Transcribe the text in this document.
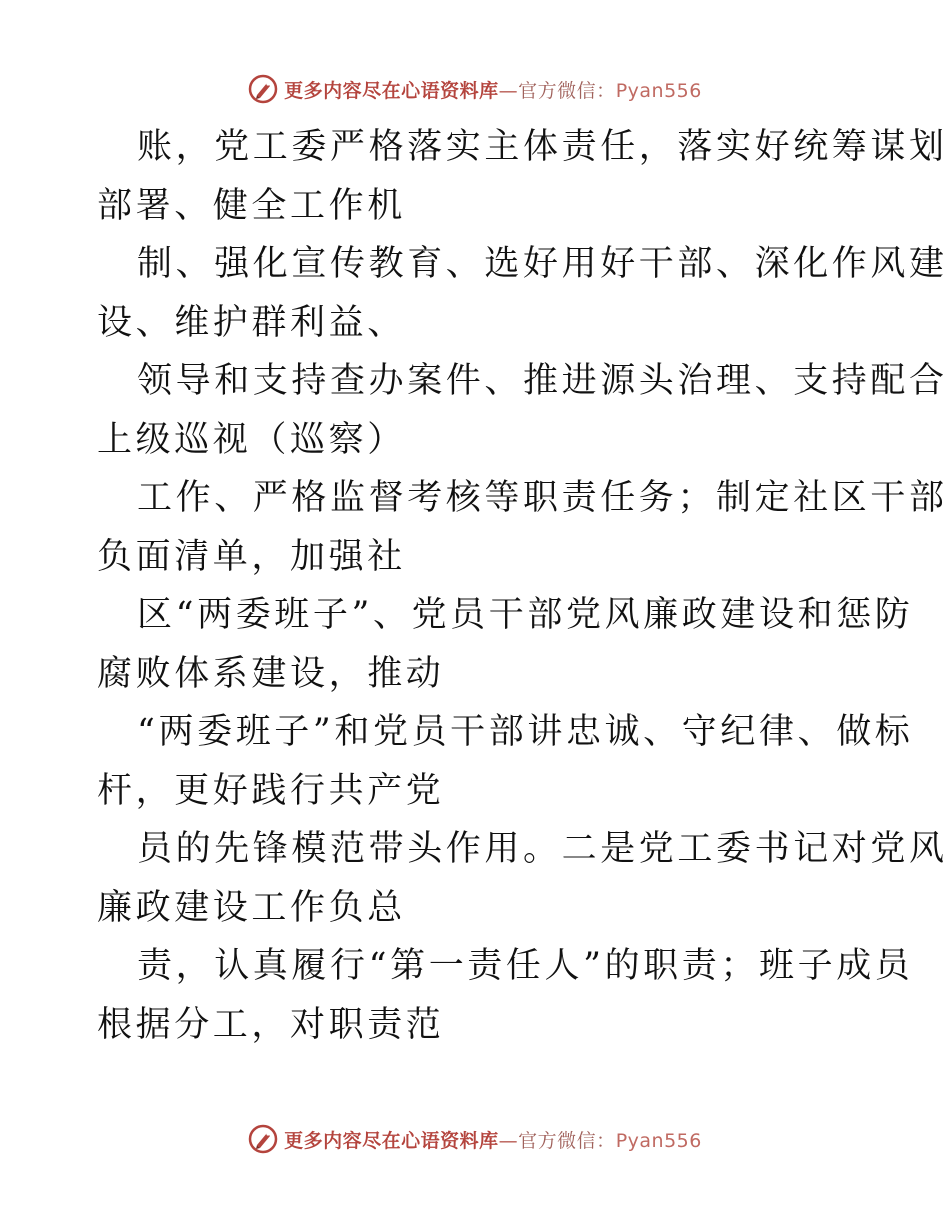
更多内容尽在心语资料库—官方微信：Pyan556
账，党工委严格落实主体责任，落实好统筹谋划
部署、健全工作机
制、强化宣传教育、选好用好干部、深化作风建
设、维护群利益、
领导和支持查办案件、推进源头治理、支持配合
上级巡视（巡察）
工作、严格监督考核等职责任务；制定社区干部
负面清单，加强社
区“两委班子”、党员干部党风廉政建设和惩防
腐败体系建设，推动
“两委班子”和党员干部讲忠诚、守纪律、做标
杆，更好践行共产党
员的先锋模范带头作用。二是党工委书记对党风
廉政建设工作负总
责，认真履行“第一责任人”的职责；班子成员
根据分工，对职责范
更多内容尽在心语资料库—官方微信：Pyan556
